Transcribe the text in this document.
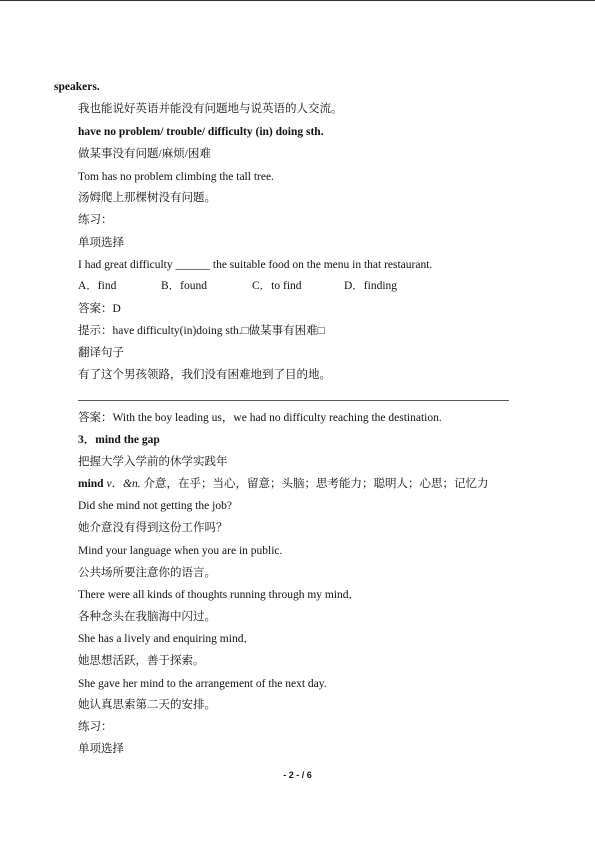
speakers.
我也能说好英语并能没有问题地与说英语的人交流。
have no problem/ trouble/ difficulty (in) doing sth.
做某事没有问题/麻烦/困难
Tom has no problem climbing the tall tree.
汤姆爬上那棵树没有问题。
练习：
单项选择
I had great difficulty ______ the suitable food on the menu in that restaurant.
A．find	B．found	C．to find	D．finding
答案：D
提示：have difficulty(in)doing sth.□做某事有困难□
翻译句子
有了这个男孩领路，我们没有困难地到了目的地。
答案：With the boy leading us，we had no difficulty reaching the destination.
3．mind the gap
把握大学入学前的休学实践年
mind v．&n. 介意，在乎；当心，留意；头脑；思考能力；聪明人；心思；记忆力
Did she mind not getting the job?
她介意没有得到这份工作吗？
Mind your language when you are in public.
公共场所要注意你的语言。
There were all kinds of thoughts running through my mind．
各种念头在我脑海中闪过。
She has a lively and enquiring mind．
她思想活跃，善于探索。
She gave her mind to the arrangement of the next day.
她认真思索第二天的安排。
练习：
单项选择
- 2 - / 6
